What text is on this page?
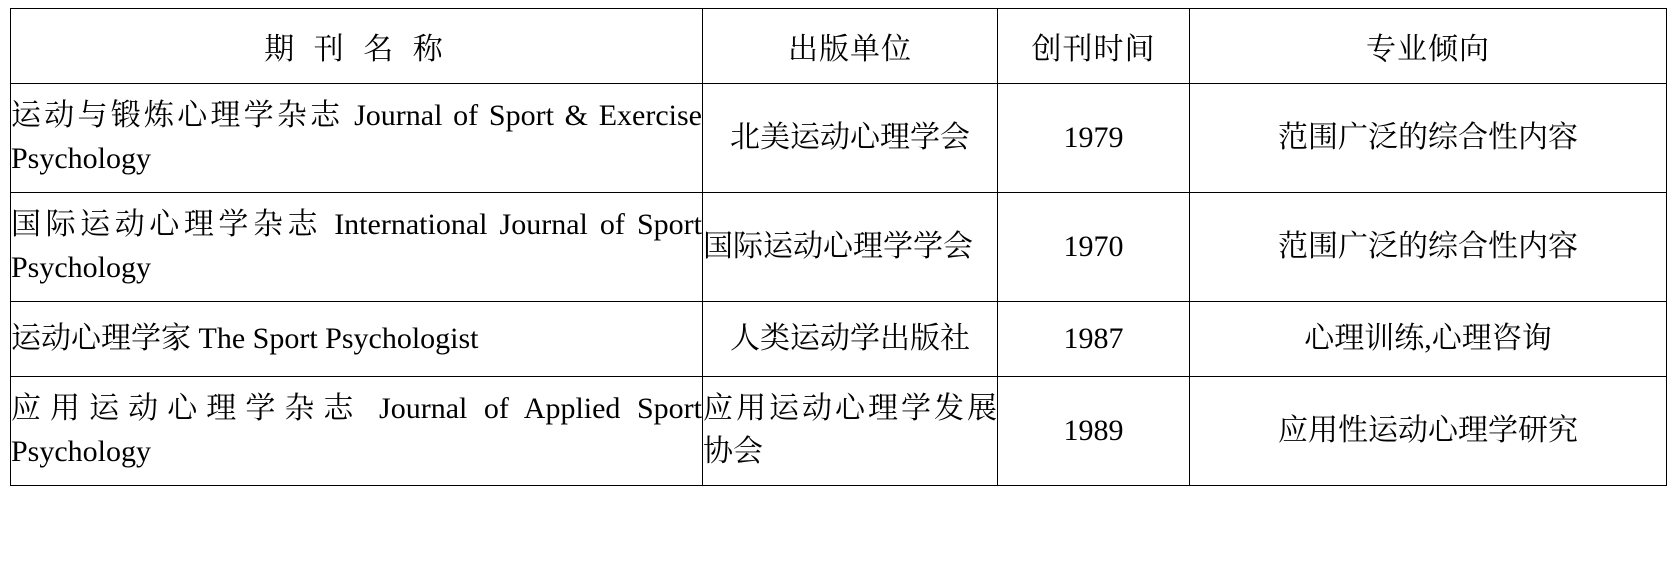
期 刊 名 称	出版单位	创刊时间	专业倾向
运动与锻炼心理学杂志 Journal of Sport & Exercise Psychology	北美运动心理学会	1979	范围广泛的综合性内容
国际运动心理学杂志 International Journal of Sport Psychology	国际运动心理学学会	1970	范围广泛的综合性内容
运动心理学家 The Sport Psychologist	人类运动学出版社	1987	心理训练,心理咨询
应用运动心理学杂志 Journal of Applied Sport Psychology	应用运动心理学发展协会	1989	应用性运动心理学研究
